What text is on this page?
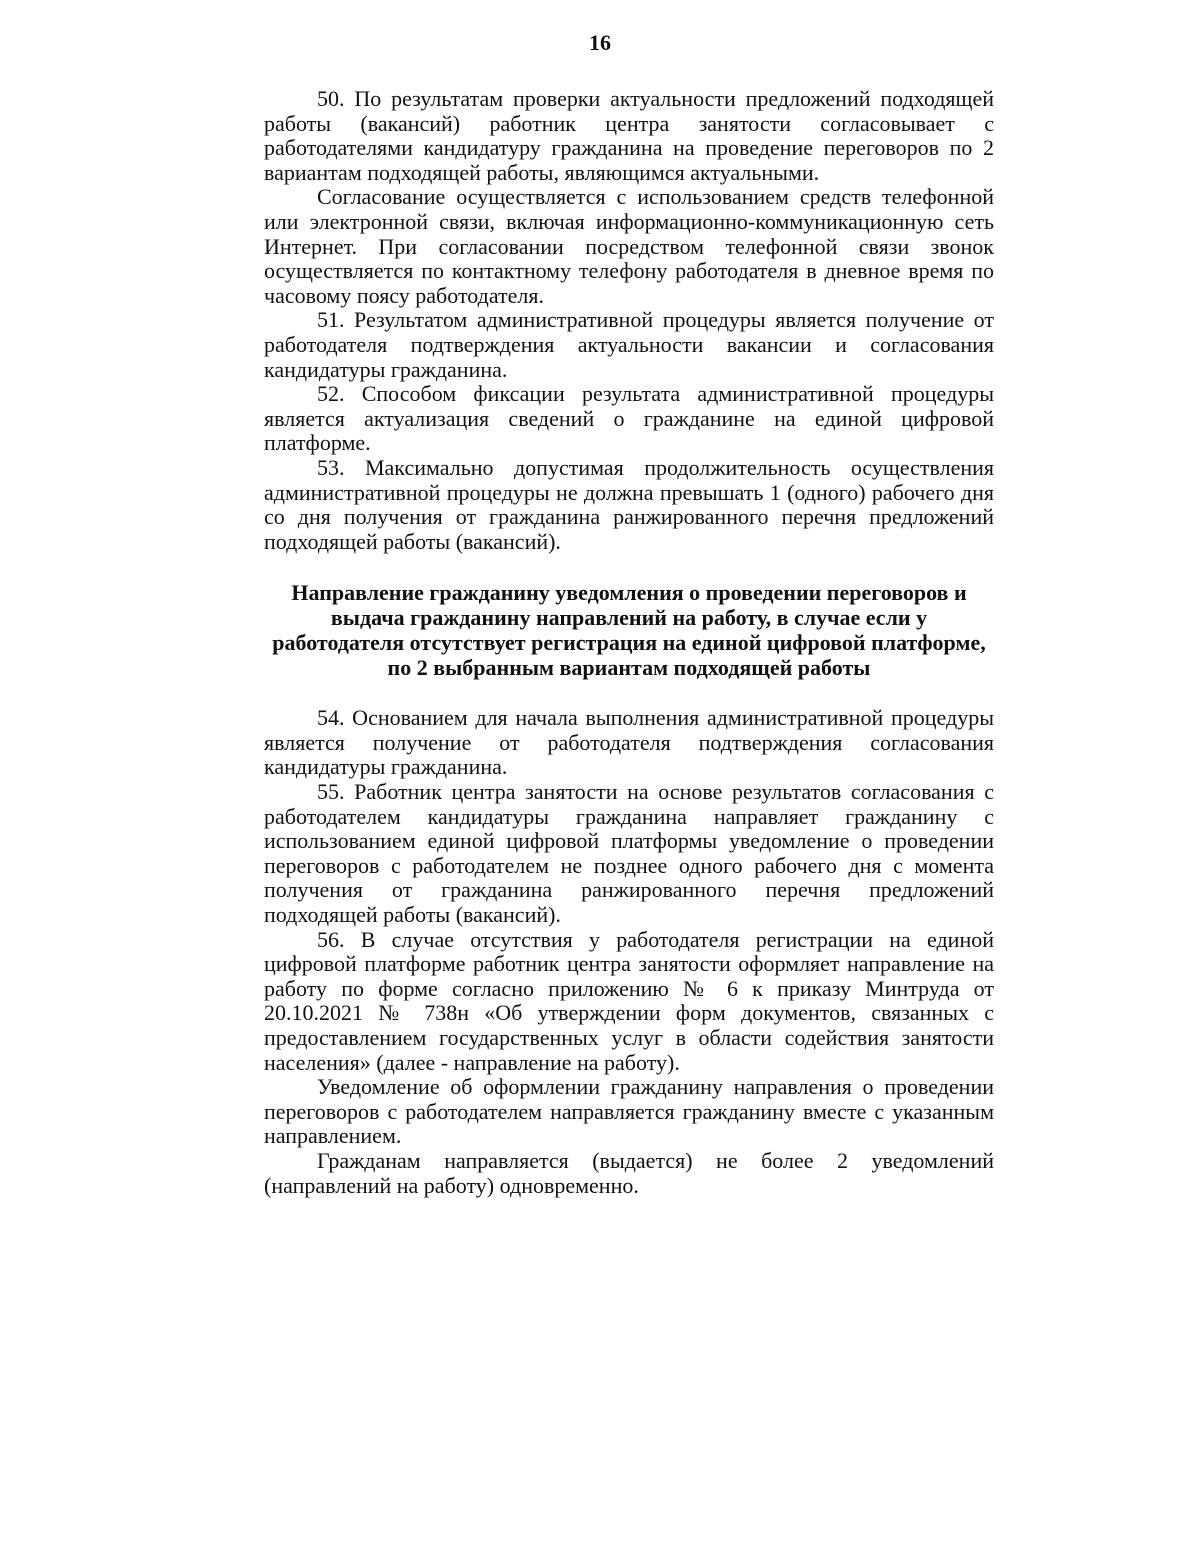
16

50. По результатам проверки актуальности предложений подходящей работы (вакансий) работник центра занятости согласовывает с работодателями кандидатуру гражданина на проведение переговоров по 2 вариантам подходящей работы, являющимся актуальными.

Согласование осуществляется с использованием средств телефонной или электронной связи, включая информационно-коммуникационную сеть Интернет. При согласовании посредством телефонной связи звонок осуществляется по контактному телефону работодателя в дневное время по часовому поясу работодателя.

51. Результатом административной процедуры является получение от работодателя подтверждения актуальности вакансии и согласования кандидатуры гражданина.

52. Способом фиксации результата административной процедуры является актуализация сведений о гражданине на единой цифровой платформе.

53. Максимально допустимая продолжительность осуществления административной процедуры не должна превышать 1 (одного) рабочего дня со дня получения от гражданина ранжированного перечня предложений подходящей работы (вакансий).

Направление гражданину уведомления о проведении переговоров и выдача гражданину направлений на работу, в случае если у работодателя отсутствует регистрация на единой цифровой платформе, по 2 выбранным вариантам подходящей работы

54. Основанием для начала выполнения административной процедуры является получение от работодателя подтверждения согласования кандидатуры гражданина.

55. Работник центра занятости на основе результатов согласования с работодателем кандидатуры гражданина направляет гражданину с использованием единой цифровой платформы уведомление о проведении переговоров с работодателем не позднее одного рабочего дня с момента получения от гражданина ранжированного перечня предложений подходящей работы (вакансий).

56. В случае отсутствия у работодателя регистрации на единой цифровой платформе работник центра занятости оформляет направление на работу по форме согласно приложению № 6 к приказу Минтруда от 20.10.2021 № 738н «Об утверждении форм документов, связанных с предоставлением государственных услуг в области содействия занятости населения» (далее - направление на работу).

Уведомление об оформлении гражданину направления о проведении переговоров с работодателем направляется гражданину вместе с указанным направлением.

Гражданам направляется (выдается) не более 2 уведомлений (направлений на работу) одновременно.
